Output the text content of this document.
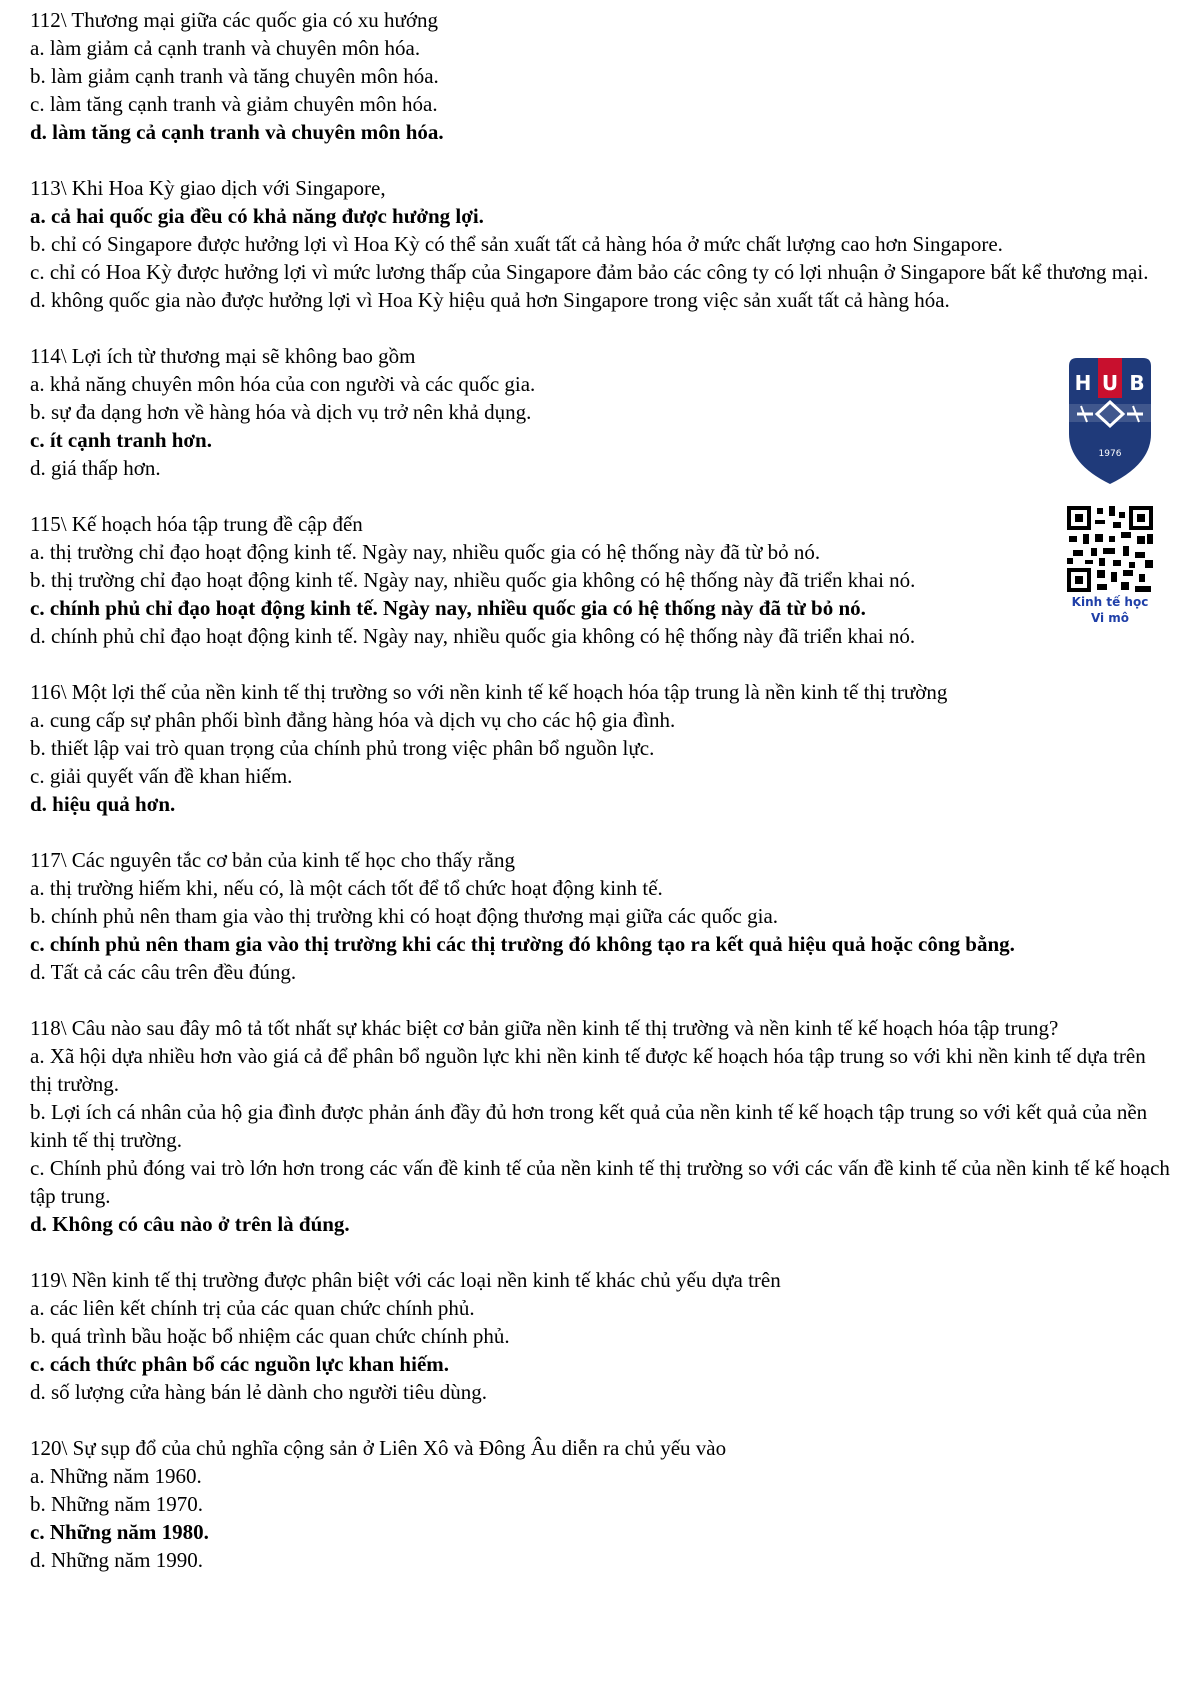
112\ Thương mại giữa các quốc gia có xu hướng

a. làm giảm cả cạnh tranh và chuyên môn hóa.

b. làm giảm cạnh tranh và tăng chuyên môn hóa.

c. làm tăng cạnh tranh và giảm chuyên môn hóa.

d. làm tăng cả cạnh tranh và chuyên môn hóa.

113\ Khi Hoa Kỳ giao dịch với Singapore,

a. cả hai quốc gia đều có khả năng được hưởng lợi.

b. chỉ có Singapore được hưởng lợi vì Hoa Kỳ có thể sản xuất tất cả hàng hóa ở mức chất lượng cao hơn Singapore.

c. chỉ có Hoa Kỳ được hưởng lợi vì mức lương thấp của Singapore đảm bảo các công ty có lợi nhuận ở Singapore bất kể thương mại.

d. không quốc gia nào được hưởng lợi vì Hoa Kỳ hiệu quả hơn Singapore trong việc sản xuất tất cả hàng hóa.

114\ Lợi ích từ thương mại sẽ không bao gồm

a. khả năng chuyên môn hóa của con người và các quốc gia.

b. sự đa dạng hơn về hàng hóa và dịch vụ trở nên khả dụng.

c. ít cạnh tranh hơn.

d. giá thấp hơn.

115\ Kế hoạch hóa tập trung đề cập đến

a. thị trường chỉ đạo hoạt động kinh tế. Ngày nay, nhiều quốc gia có hệ thống này đã từ bỏ nó.

b. thị trường chỉ đạo hoạt động kinh tế. Ngày nay, nhiều quốc gia không có hệ thống này đã triển khai nó.

c. chính phủ chỉ đạo hoạt động kinh tế. Ngày nay, nhiều quốc gia có hệ thống này đã từ bỏ nó.

d. chính phủ chỉ đạo hoạt động kinh tế. Ngày nay, nhiều quốc gia không có hệ thống này đã triển khai nó.

116\ Một lợi thế của nền kinh tế thị trường so với nền kinh tế kế hoạch hóa tập trung là nền kinh tế thị trường

a. cung cấp sự phân phối bình đẳng hàng hóa và dịch vụ cho các hộ gia đình.

b. thiết lập vai trò quan trọng của chính phủ trong việc phân bổ nguồn lực.

c. giải quyết vấn đề khan hiếm.

d. hiệu quả hơn.

117\ Các nguyên tắc cơ bản của kinh tế học cho thấy rằng

a. thị trường hiếm khi, nếu có, là một cách tốt để tổ chức hoạt động kinh tế.

b. chính phủ nên tham gia vào thị trường khi có hoạt động thương mại giữa các quốc gia.

c. chính phủ nên tham gia vào thị trường khi các thị trường đó không tạo ra kết quả hiệu quả hoặc công bằng.

d. Tất cả các câu trên đều đúng.

118\ Câu nào sau đây mô tả tốt nhất sự khác biệt cơ bản giữa nền kinh tế thị trường và nền kinh tế kế hoạch hóa tập trung?

a. Xã hội dựa nhiều hơn vào giá cả để phân bổ nguồn lực khi nền kinh tế được kế hoạch hóa tập trung so với khi nền kinh tế dựa trên thị trường.

b. Lợi ích cá nhân của hộ gia đình được phản ánh đầy đủ hơn trong kết quả của nền kinh tế kế hoạch tập trung so với kết quả của nền kinh tế thị trường.

c. Chính phủ đóng vai trò lớn hơn trong các vấn đề kinh tế của nền kinh tế thị trường so với các vấn đề kinh tế của nền kinh tế kế hoạch tập trung.

d. Không có câu nào ở trên là đúng.

119\ Nền kinh tế thị trường được phân biệt với các loại nền kinh tế khác chủ yếu dựa trên

a. các liên kết chính trị của các quan chức chính phủ.

b. quá trình bầu hoặc bổ nhiệm các quan chức chính phủ.

c. cách thức phân bổ các nguồn lực khan hiếm.

d. số lượng cửa hàng bán lẻ dành cho người tiêu dùng.

120\ Sự sụp đổ của chủ nghĩa cộng sản ở Liên Xô và Đông Âu diễn ra chủ yếu vào

a. Những năm 1960.

b. Những năm 1970.

c. Những năm 1980.

d. Những năm 1990.

H U B
1976
Kinh tế học
Vi mô
